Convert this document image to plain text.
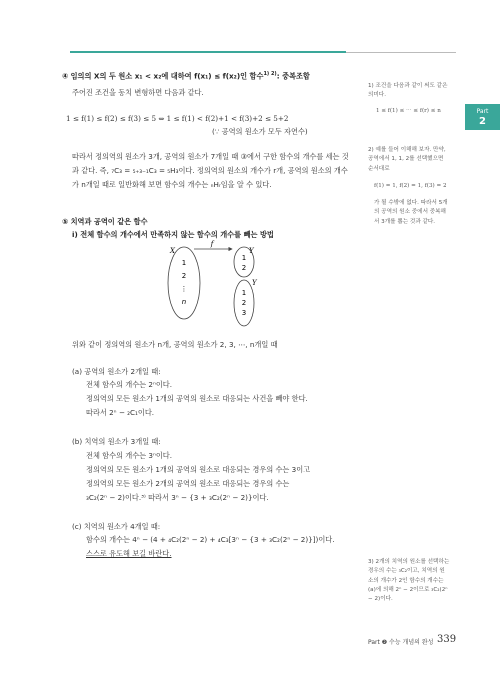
Part
2

④ 임의의 X의 두 원소 x₁ < x₂에 대하여 f(x₁) ≤ f(x₂)인 함수$^{1) 2)}$: 중복조합

주어진 조건을 동치 변형하면 다음과 같다.

1 ≤ f(1) ≤ f(2) ≤ f(3) ≤ 5 ⇔ 1 ≤ f(1) < f(2)+1 < f(3)+2 ≤ 5+2

(∵ 공역의 원소가 모두 자연수)

따라서 정의역의 원소가 3개, 공역의 원소가 7개일 때 ③에서 구한 함수의 개수를 세는 것과 같다. 즉, ₇C₃ = ₅₊₃₋₁C₃ = ₅H₃이다. 정의역의 원소의 개수가 r개, 공역의 원소의 개수가 n개일 때로 일반화해 보면 함수의 개수는 ₙHᵣ임을 알 수 있다.

⑤ 치역과 공역이 같은 함수

ⅰ) 전체 함수의 개수에서 만족하지 않는 함수의 개수를 빼는 방법

f
X	Y
1
2
⋮
n
1
2
Y
1
2
3

위와 같이 정의역의 원소가 n개, 공역의 원소가 2, 3, ⋯, n개일 때

(a) 공역의 원소가 2개일 때:

전체 함수의 개수는 2ⁿ이다.

정의역의 모든 원소가 1개의 공역의 원소로 대응되는 사건을 빼야 한다.

따라서 2ⁿ − ₂C₁이다.

(b) 치역의 원소가 3개일 때:

전체 함수의 개수는 3ⁿ이다.

정의역의 모든 원소가 1개의 공역의 원소로 대응되는 경우의 수는 3이고

정의역의 모든 원소가 2개의 공역의 원소로 대응되는 경우의 수는

₃C₂(2ⁿ − 2)이다.³⁾ 따라서 3ⁿ − {3 + ₃C₂(2ⁿ − 2)}이다.

(c) 치역의 원소가 4개일 때:

함수의 개수는 4ⁿ − (4 + ₄C₂(2ⁿ − 2) + ₄C₃[3ⁿ − {3 + ₃C₂(2ⁿ − 2)}])이다.

스스로 유도해 보길 바란다.

1) 조건을 다음과 같이 써도 같은 의미다.
1 ≤ f(1) ≤ ⋯ ≤ f(r) ≤ n
2) 예를 들어 이해해 보자. 만약, 공역에서 1, 1, 2를 선택했으면 순서대로
f(1) = 1, f(2) = 1, f(3) = 2
가 될 수밖에 없다. 따라서 5개의 공역의 원소 중에서 중복해서 3개를 뽑는 것과 같다.
3) 2개의 치역의 원소를 선택하는 경우의 수는 ₃C₂이고, 치역의 원소의 개수가 2인 함수의 개수는 (a)에 의해 2ⁿ − 2이므로 ₃C₂(2ⁿ − 2)이다.
Part ❷ 수능 개념의 완성 339
